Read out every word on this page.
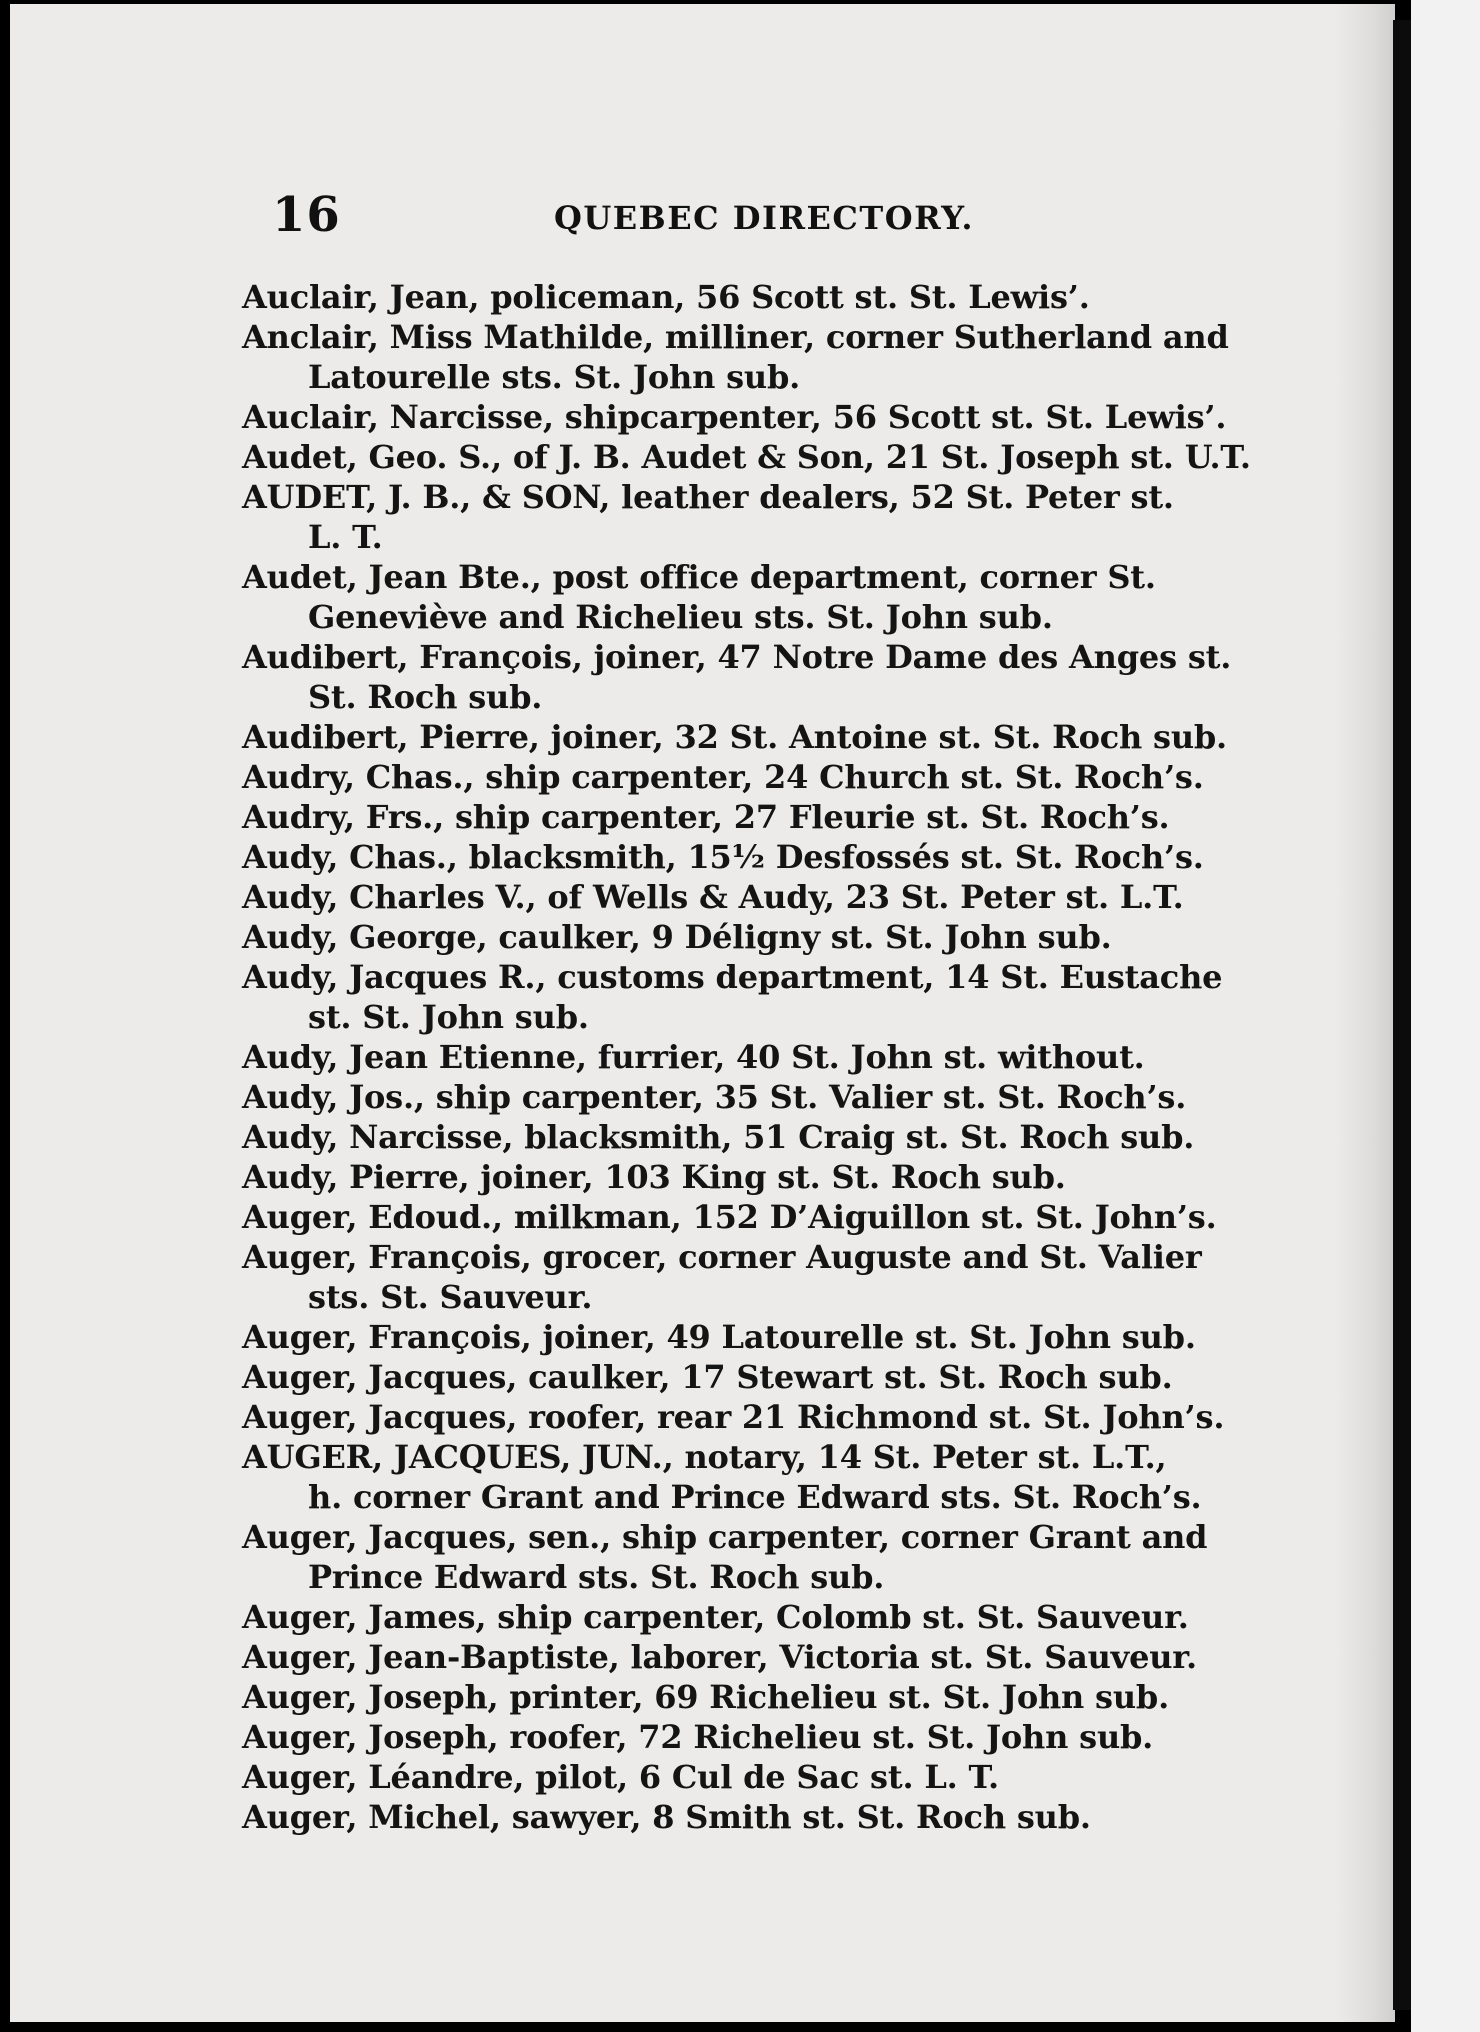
16	QUEBEC DIRECTORY.
Auclair, Jean, policeman, 56 Scott st. St. Lewis’.
Anclair, Miss Mathilde, milliner, corner Sutherland and
Latourelle sts. St. John sub.
Auclair, Narcisse, shipcarpenter, 56 Scott st. St. Lewis’.
Audet, Geo. S., of J. B. Audet & Son, 21 St. Joseph st. U.T.
AUDET, J. B., & SON, leather dealers, 52 St. Peter st.
L. T.
Audet, Jean Bte., post office department, corner St.
Geneviève and Richelieu sts. St. John sub.
Audibert, François, joiner, 47 Notre Dame des Anges st.
St. Roch sub.
Audibert, Pierre, joiner, 32 St. Antoine st. St. Roch sub.
Audry, Chas., ship carpenter, 24 Church st. St. Roch’s.
Audry, Frs., ship carpenter, 27 Fleurie st. St. Roch’s.
Audy, Chas., blacksmith, 15½ Desfossés st. St. Roch’s.
Audy, Charles V., of Wells & Audy, 23 St. Peter st. L.T.
Audy, George, caulker, 9 Déligny st. St. John sub.
Audy, Jacques R., customs department, 14 St. Eustache
st. St. John sub.
Audy, Jean Etienne, furrier, 40 St. John st. without.
Audy, Jos., ship carpenter, 35 St. Valier st. St. Roch’s.
Audy, Narcisse, blacksmith, 51 Craig st. St. Roch sub.
Audy, Pierre, joiner, 103 King st. St. Roch sub.
Auger, Edoud., milkman, 152 D’Aiguillon st. St. John’s.
Auger, François, grocer, corner Auguste and St. Valier
sts. St. Sauveur.
Auger, François, joiner, 49 Latourelle st. St. John sub.
Auger, Jacques, caulker, 17 Stewart st. St. Roch sub.
Auger, Jacques, roofer, rear 21 Richmond st. St. John’s.
AUGER, JACQUES, JUN., notary, 14 St. Peter st. L.T.,
h. corner Grant and Prince Edward sts. St. Roch’s.
Auger, Jacques, sen., ship carpenter, corner Grant and
Prince Edward sts. St. Roch sub.
Auger, James, ship carpenter, Colomb st. St. Sauveur.
Auger, Jean-Baptiste, laborer, Victoria st. St. Sauveur.
Auger, Joseph, printer, 69 Richelieu st. St. John sub.
Auger, Joseph, roofer, 72 Richelieu st. St. John sub.
Auger, Léandre, pilot, 6 Cul de Sac st. L. T.
Auger, Michel, sawyer, 8 Smith st. St. Roch sub.
